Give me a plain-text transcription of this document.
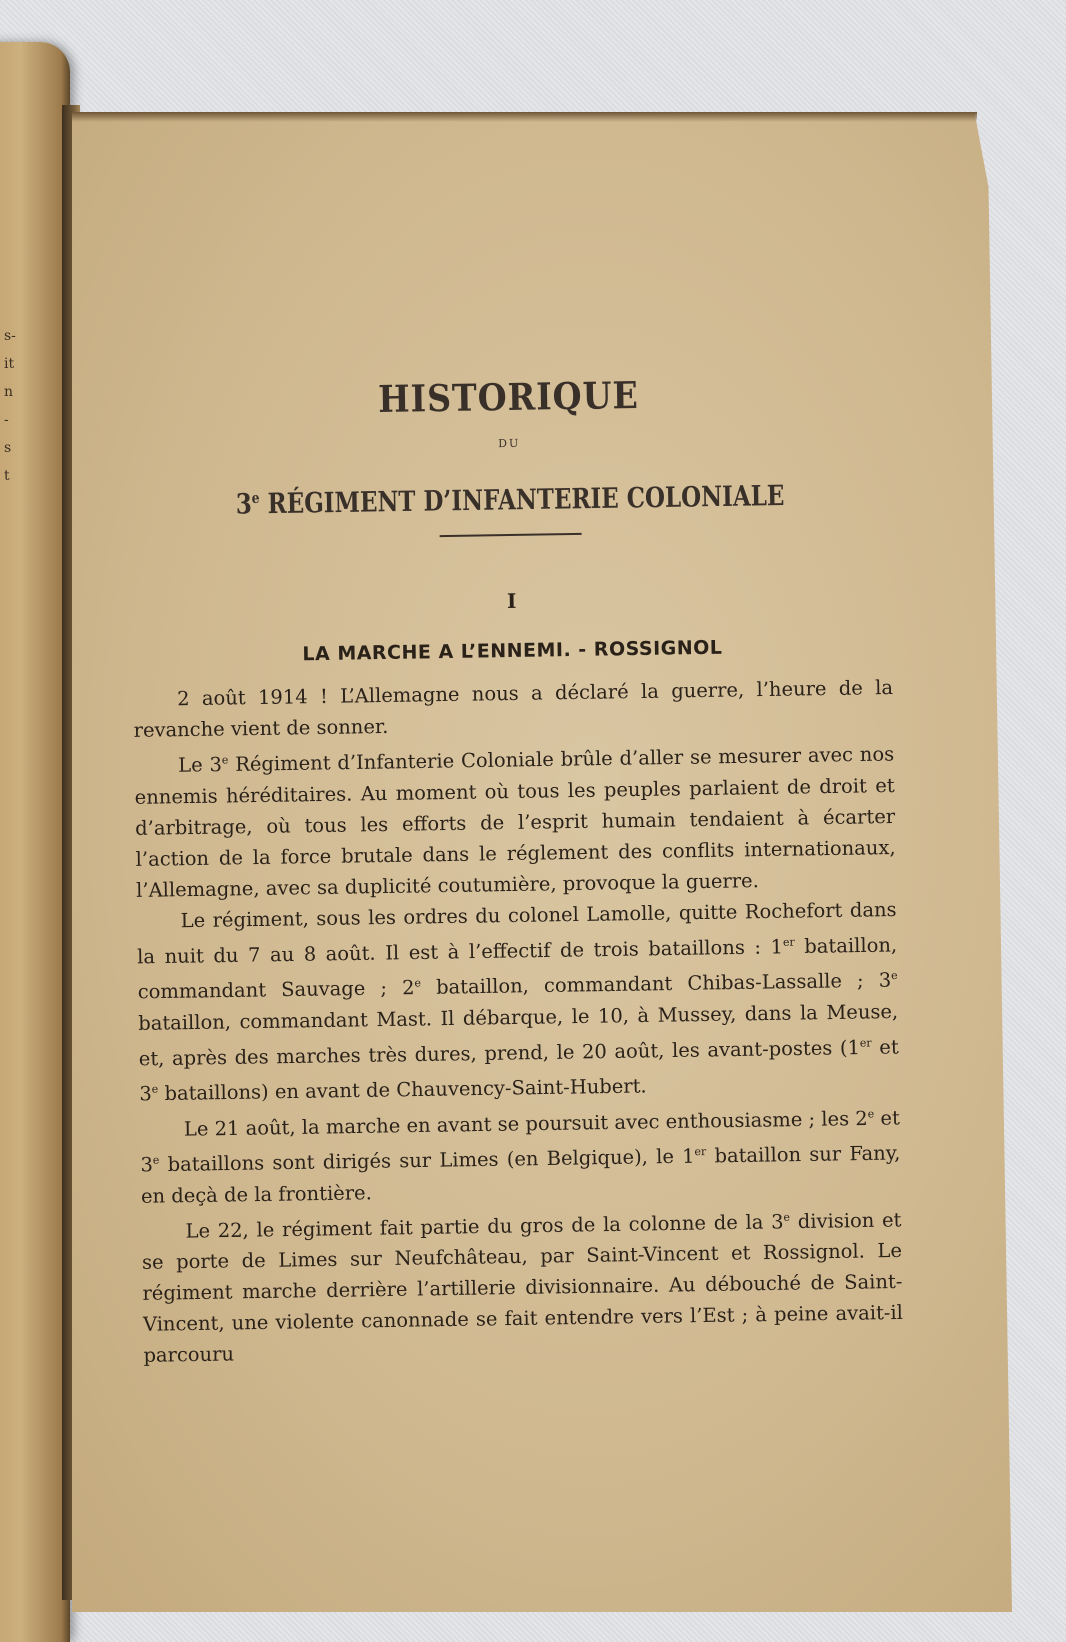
s-
it
n
-
s
t
HISTORIQUE
DU
3e RÉGIMENT D’INFANTERIE COLONIALE
I
LA MARCHE A L’ENNEMI. - ROSSIGNOL

2 août 1914 ! L’Allemagne nous a déclaré la guerre, l’heure de la revanche vient de sonner.

Le 3e Régiment d’Infanterie Coloniale brûle d’aller se mesurer avec nos ennemis héréditaires. Au moment où tous les peuples parlaient de droit et d’arbitrage, où tous les efforts de l’esprit humain tendaient à écarter l’action de la force brutale dans le réglement des conflits internationaux, l’Allemagne, avec sa duplicité coutumière, provoque la guerre.

Le régiment, sous les ordres du colonel Lamolle, quitte Rochefort dans la nuit du 7 au 8 août. Il est à l’effectif de trois bataillons : 1er bataillon, commandant Sauvage ; 2e bataillon, commandant Chibas-Lassalle ; 3e bataillon, commandant Mast. Il débarque, le 10, à Mussey, dans la Meuse, et, après des marches très dures, prend, le 20 août, les avant-postes (1er et 3e bataillons) en avant de Chauvency-Saint-Hubert.

Le 21 août, la marche en avant se poursuit avec enthousiasme ; les 2e et 3e bataillons sont dirigés sur Limes (en Belgique), le 1er bataillon sur Fany, en deçà de la frontière.

Le 22, le régiment fait partie du gros de la colonne de la 3e division et se porte de Limes sur Neufchâteau, par Saint-Vincent et Rossignol. Le régiment marche derrière l’artillerie divisionnaire. Au débouché de Saint-Vincent, une violente canonnade se fait entendre vers l’Est ; à peine avait-il parcouru
